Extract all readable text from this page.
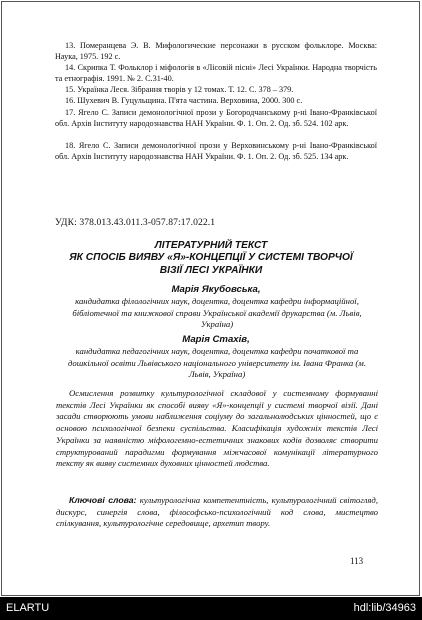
13. Померанцева Э. В. Мифологические персонажи в русском фольклоре. Москва: Наука, 1975. 192 с.
14. Скрипка Т. Фольклор і міфологія в «Лісовій пісні» Лесі Українки. Народна творчість та етнографія. 1991. № 2. С.31-40.
15. Українка Леся. Зібрання творів у 12 томах. Т. 12. С. 378 – 379.
16. Шухевич В. Гуцульщина. П'ята частина. Верховина, 2000. 300 с.
17. Ягело С. Записи демонологічної прози у Богородчанському р-ні Івано-Франківської обл. Архів Інституту народознавства НАН України. Ф. 1. Оп. 2. Од. зб. 524. 102 арк.
18. Ягело С. Записи демонологічної прози у Верховинському р-ні Івано-Франківської обл. Архів Інституту народознавства НАН України. Ф. 1. Оп. 2. Од. зб. 525. 134 арк.
УДК: 378.013.43.011.3-057.87:17.022.1
ЛІТЕРАТУРНИЙ ТЕКСТ
ЯК СПОСІБ ВИЯВУ «Я»-КОНЦЕПЦІЇ У СИСТЕМІ ТВОРЧОЇ
ВІЗІЇ ЛЕСІ УКРАЇНКИ
Марія Якубовська,
кандидатка філологічних наук, доцентка, доцентка кафедри інформаційної, бібліотечної та книжкової справи Української академії друкарства (м. Львів, Україна)
Марія Стахів,
кандидатка педагогічних наук, доцентка, доцентка кафедри початкової та дошкільної освіти Львівського національного університету ім. Івана Франка (м. Львів, Україна)
Осмислення розвитку культурологічної складової у системному формуванні текстів Лесі Українки як способі вияву «Я»-концепції у системі творчої візії. Дані засади створюють умови наближення соціуму до загальнолюдських цінностей, що є основою психологічної безпеки суспільства. Класифікація художніх текстів Лесі Українки за наявністю міфологемно-естетичних знакових кодів дозволяє створити структурований парадигми формування міжчасової комунікації літературного тексту як виявy системних духовних цінностей людства.
Ключові слова: культурологічна компетентність, культурологічний світогляд, дискурс, синергія слова, філософсько-психологічний код слова, мистецтво спілкування, культурологічне середовище, архетип твору.
113
ELARTU	hdl:lib/34963
